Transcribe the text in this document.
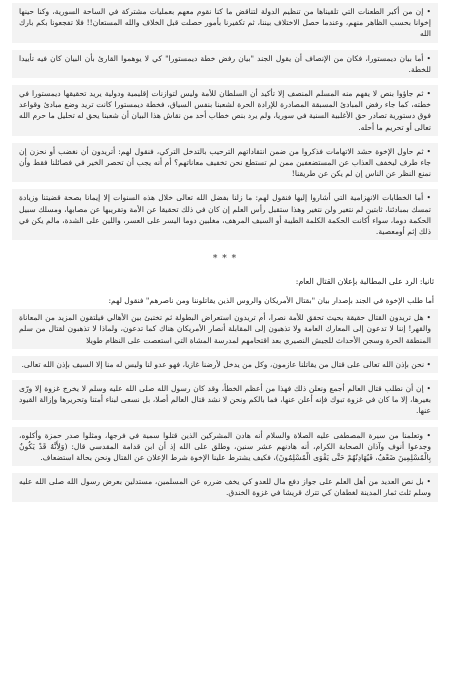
• إن من أكبر الطعنات التي تلقيناها من تنظيم الدولة لتناقض ما كنا نقوم معهم بعمليات مشتركة في الساحة السورية، وكنا حينها إخوانا بحسب الظاهر منهم، وعندما حصل الاختلاف بيننا، ثم تكفيرنا بأمور حصلت قبل الخلاف والله المستعان!! فلا تفجعونا بكم بارك الله
• أما بيان ديمستورا، فكان من الإنصاف أن يقول الجند "بيان رفض خطة ديمستورا" كي لا يوهموا القارئ بأن البيان كان فيه تأييدا للخطة.
• ثم جاؤوا بنص لا يفهم منه المسلم المنصف إلا تأكيد أن السلطان للأمة وليس لتوازنات إقليمية ودولية يريد تحقيقها ديمستورا في خطته، كما جاء رفض المبادئ المسبقة المصادرة للإرادة الحرة لشعبنا بنفس السياق، فخطة ديمستورا كانت تريد وضع مبادئ وقواعد فوق دستورية تصادر حق الأغلبية السنية في سوريا، ولم يرد بنص خطاب أحد من نقاش هذا البيان أن شعبنا يحق له تحليل ما حرم الله تعالى أو تحريم ما أحله.
• ثم حاول الإخوة حشد الاتهامات فذكروا من ضمن انتقاداتهم الترحيب بالتدخل التركي، فنقول لهم: أتريدون أن نغضب أو نحزن إن جاء طرف ليخفف العذاب عن المستضعفين ممن لم تستطع نحن تخفيف معاناتهم؟ أم أنه يجب أن تحصر الخير في فصائلنا فقط وأن نمنع النظر عن الناس إن لم يكن عن طريقنا!
• أما الخطابات الانهزامية التي أشاروا إليها فنقول لهم: ما زلنا بفضل الله تعالى خلال هذه السنوات إلا إيمانا بصحة قضيتنا وزيادة تمسك بمبادئنا، ثابتين لم نتغير ولن نتغير وهذا ستقبل رأس العلم إن كان في ذلك تحقيقا عن الأمة وتقريبها عن مصابها، ومسلك سبيل الحكمة دوما، سواء أكانت الحكمة الكلمة الطيبة أو السيف المرهف، مغلبين دوما اليسر على العسر، واللين على الشدة، مالم يكن في ذلك إثم أومعصية.
* * *
ثانيا: الرد على المطالبة بإعلان القتال العام:
أما طلب الإخوة في الجند بإصدار بيان "بقتال الأمريكان والروس الذين يقاتلوننا ومن ناصرهم" فنقول لهم:
• هل تريدون القتال حقيقة بحيث تحقق للأمة نصرا، أم تريدون استعراض البطولة ثم تختبئ بين الأهالي فيلتقون المزيد من المعاناة والقهر! إننا لا تدعون إلى المعارك العامة ولا تذهبون إلى المقابلة أنصار الأمريكان هناك كما تدعون، ولماذا لا تذهبون لقتال من سلم المنطقة الحرة وسجن الأحداث للجيش النصيري بعد اقتحامهم لمدرسة المشاة التي استعصت على النظام طويلا
• نحن بإذن الله تعالى على قتال من يقاتلنا عازمون، وكل من يدخل لأرضنا غازيا، فهو عدو لنا وليس له منا إلا السيف بإذن الله تعالى.
• إن أن نطلب قتال العالم أجمع ونعلن ذلك فهذا من أعظم الخطأ، وقد كان رسول الله صلى الله عليه وسلم لا يخرج غزوة إلا ورّى بغيرها، إلا ما كان في غزوة تبوك فإنه أعلن عنها، فما بالكم ونحن لا نشد قتال العالم أصلا، بل نسعى لبناء أمتنا وتحريرها وإزالة القيود عنها.
• وتعلمنا من سيرة المصطفى عليه الصلاة والسلام أنه هادن المشركين الذين قتلوا سمية في فرجها، ومثلوا صدر حمزة وأكلوه، وجدعوا أنوف وآذان الصحابة الكرام، أنه هادنهم عشر سنين، وطلق على الله إذ أن ابن قدامة المقدسي قال: (وَلِأَنَّهُ قَدْ يَكُونُ بِالْمُسْلِمِينَ ضَعْفٌ، فَيُهَادِنُهُمْ حَتَّى يَقْوَى الْمُسْلِمُونَ)، فكيف يشترط علينا الإخوة شرط الإعلان عن القتال ونحن بحالة استضعاف.
• بل نص العديد من أهل العلم على جواز دفع مال للعدو كي يخف ضرره عن المسلمين، مستدلين بعرض رسول الله صلى الله عليه وسلم ثلث ثمار المدينة لغطفان كي تترك قريشا في غزوة الخندق.
